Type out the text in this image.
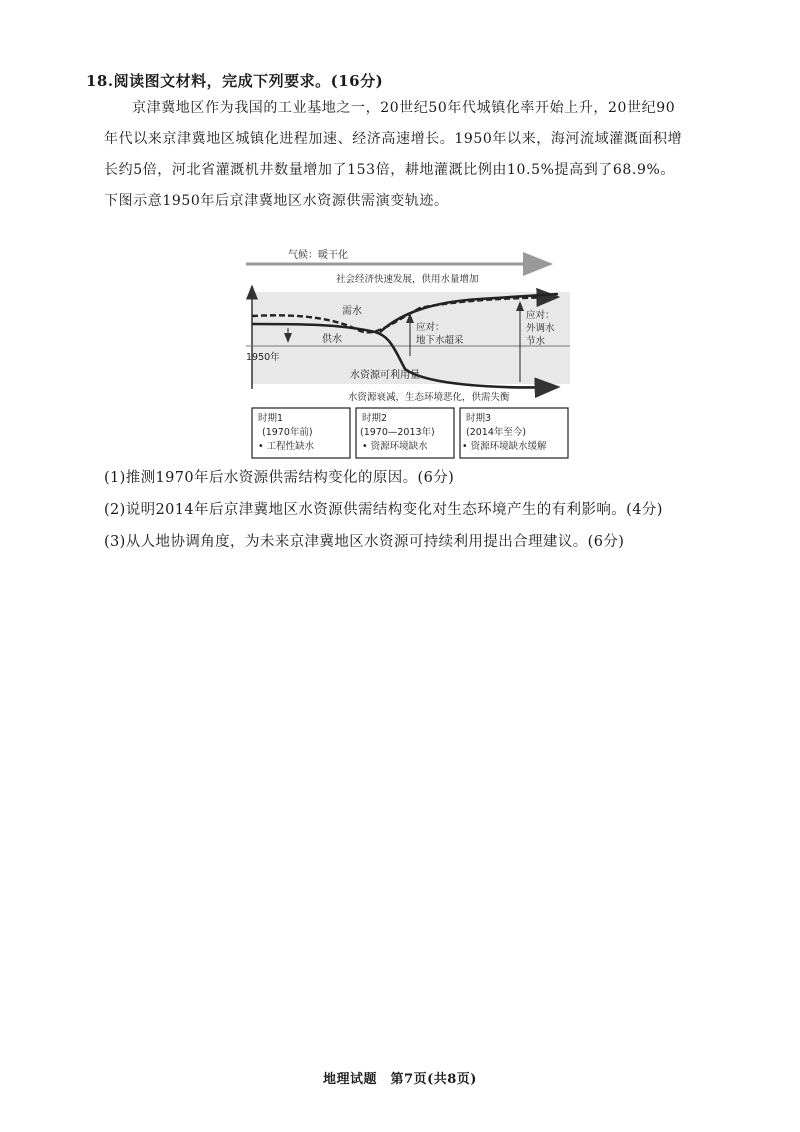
18.阅读图文材料，完成下列要求。(16分)
京津冀地区作为我国的工业基地之一，20世纪50年代城镇化率开始上升，20世纪90
年代以来京津冀地区城镇化进程加速、经济高速增长。1950年以来，海河流域灌溉面积增
长约5倍，河北省灌溉机井数量增加了153倍，耕地灌溉比例由10.5%提高到了68.9%。
下图示意1950年后京津冀地区水资源供需演变轨迹。
气候：暖干化
社会经济快速发展，供用水量增加
1950年
需水
供水
应对：
地下水超采
应对：
外调水
节水
水资源可利用量
水资源衰减，生态环境恶化，供需失衡
时期1
(1970年前)
• 工程性缺水
时期2
(1970—2013年)
• 资源环境缺水
时期3
(2014年至今)
• 资源环境缺水缓解
(1)推测1970年后水资源供需结构变化的原因。(6分)
(2)说明2014年后京津冀地区水资源供需结构变化对生态环境产生的有利影响。(4分)
(3)从人地协调角度，为未来京津冀地区水资源可持续利用提出合理建议。(6分)
地理试题　第7页(共8页)
